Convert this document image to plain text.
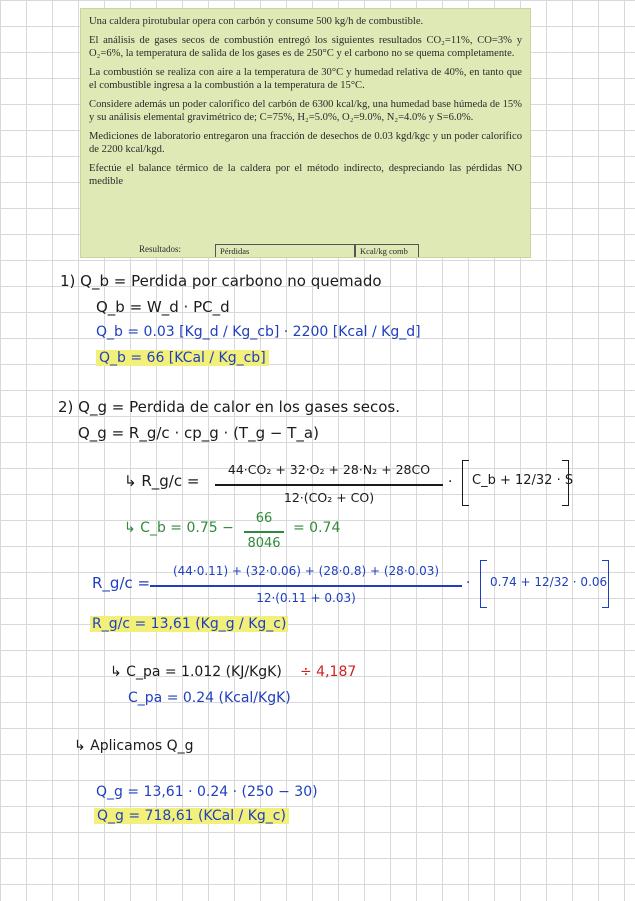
Una caldera pirotubular opera con carbón y consume 500 kg/h de combustible.

El análisis de gases secos de combustión entregó los siguientes resultados CO₂=11%, CO=3% y O₂=6%, la temperatura de salida de los gases es de 250°C y el carbono no se quema completamente.

La combustión se realiza con aire a la temperatura de 30°C y humedad relativa de 40%, en tanto que el combustible ingresa a la combustión a la temperatura de 15°C.

Considere además un poder calorífico del carbón de 6300 kcal/kg, una humedad base húmeda de 15% y su análisis elemental gravimétrico de; C=75%, H₂=5.0%, O₂=9.0%, N₂=4.0% y S=6.0%.

Mediciones de laboratorio entregaron una fracción de desechos de 0.03 kgd/kgc y un poder calorífico de 2200 kcal/kgd.

Efectúe el balance térmico de la caldera por el método indirecto, despreciando las pérdidas NO medible

Resultados:	Pérdidas	Kcal/kg comb
1) Q_b = Perdida por carbono no quemado
Q_b = W_d · PC_d
Q_b = 0.03 [Kg_d / Kg_cb] · 2200 [Kcal / Kg_d]
Q_b = 66 [KCal / Kg_cb]
2) Q_g = Perdida de calor en los gases secos.
Q_g = R_g/c · cp_g · (T_g − T_a)
↳ R_g/c =
44·CO₂ + 32·O₂ + 28·N₂ + 28CO
12·(CO₂ + CO)
· C_b + 12/32 · S
↳ C_b = 0.75 −
66
8046
= 0.74
R_g/c =
(44·0.11) + (32·0.06) + (28·0.8) + (28·0.03)
12·(0.11 + 0.03)
· 0.74 + 12/32 · 0.06
R_g/c = 13,61 (Kg_g / Kg_c)
↳ C_pa = 1.012 (KJ/KgK) ÷ 4,187
C_pa = 0.24 (Kcal/KgK)
↳ Aplicamos Q_g
Q_g = 13,61 · 0.24 · (250 − 30)
Q_g = 718,61 (KCal / Kg_c)
